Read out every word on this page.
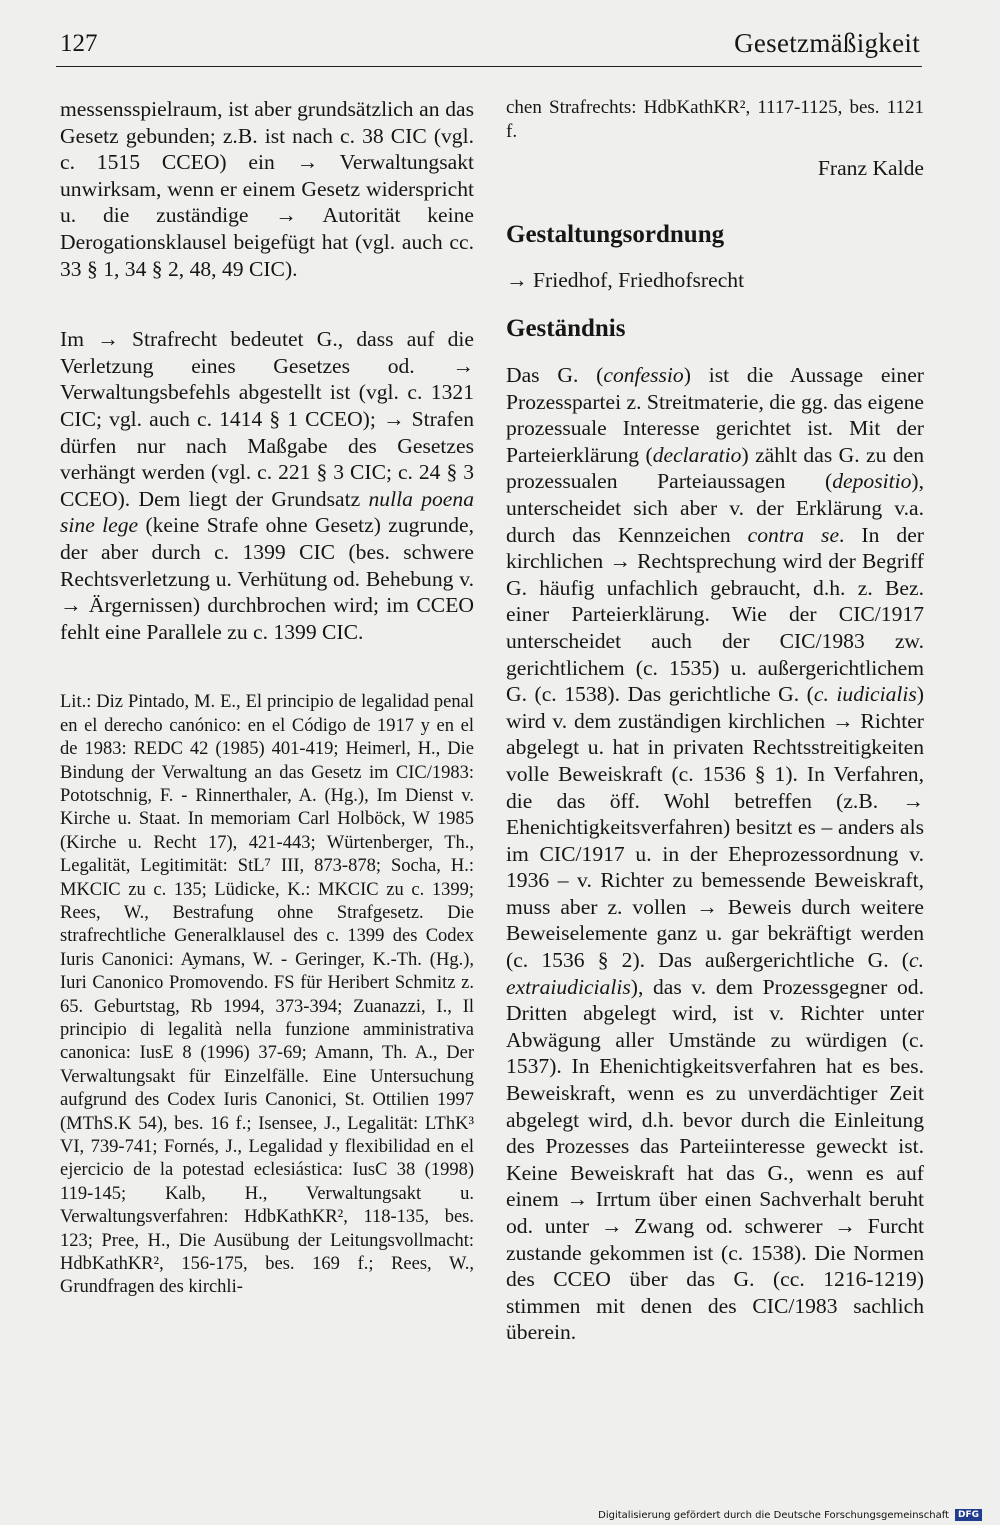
127	Gesetzmäßigkeit

messensspielraum, ist aber grundsätzlich an das Gesetz gebunden; z.B. ist nach c. 38 CIC (vgl. c. 1515 CCEO) ein → Verwaltungsakt unwirksam, wenn er einem Gesetz widerspricht u. die zuständige → Autorität keine Derogationsklausel beigefügt hat (vgl. auch cc. 33 § 1, 34 § 2, 48, 49 CIC).

Im → Strafrecht bedeutet G., dass auf die Verletzung eines Gesetzes od. → Verwaltungsbefehls abgestellt ist (vgl. c. 1321 CIC; vgl. auch c. 1414 § 1 CCEO); → Strafen dürfen nur nach Maßgabe des Gesetzes verhängt werden (vgl. c. 221 § 3 CIC; c. 24 § 3 CCEO). Dem liegt der Grundsatz nulla poena sine lege (keine Strafe ohne Gesetz) zugrunde, der aber durch c. 1399 CIC (bes. schwere Rechtsverletzung u. Verhütung od. Behebung v. → Ärgernissen) durchbrochen wird; im CCEO fehlt eine Parallele zu c. 1399 CIC.

Lit.: Diz Pintado, M. E., El principio de legalidad penal en el derecho canónico: en el Código de 1917 y en el de 1983: REDC 42 (1985) 401-419; Heimerl, H., Die Bindung der Verwaltung an das Gesetz im CIC/1983: Pototschnig, F. - Rinnerthaler, A. (Hg.), Im Dienst v. Kirche u. Staat. In memoriam Carl Holböck, W 1985 (Kirche u. Recht 17), 421-443; Würtenberger, Th., Legalität, Legitimität: StL⁷ III, 873-878; Socha, H.: MKCIC zu c. 135; Lüdicke, K.: MKCIC zu c. 1399; Rees, W., Bestrafung ohne Strafgesetz. Die strafrechtliche Generalklausel des c. 1399 des Codex Iuris Canonici: Aymans, W. - Geringer, K.-Th. (Hg.), Iuri Canonico Promovendo. FS für Heribert Schmitz z. 65. Geburtstag, Rb 1994, 373-394; Zuanazzi, I., Il principio di legalità nella funzione amministrativa canonica: IusE 8 (1996) 37-69; Amann, Th. A., Der Verwaltungsakt für Einzelfälle. Eine Untersuchung aufgrund des Codex Iuris Canonici, St. Ottilien 1997 (MThS.K 54), bes. 16 f.; Isensee, J., Legalität: LThK³ VI, 739-741; Fornés, J., Legalidad y flexibilidad en el ejercicio de la potestad eclesiástica: IusC 38 (1998) 119-145; Kalb, H., Verwaltungsakt u. Verwaltungsverfahren: HdbKathKR², 118-135, bes. 123; Pree, H., Die Ausübung der Leitungsvollmacht: HdbKathKR², 156-175, bes. 169 f.; Rees, W., Grundfragen des kirchli-

chen Strafrechts: HdbKathKR², 1117-1125, bes. 1121 f.

Franz Kalde

Gestaltungsordnung

→ Friedhof, Friedhofsrecht

Geständnis

Das G. (confessio) ist die Aussage einer Prozesspartei z. Streitmaterie, die gg. das eigene prozessuale Interesse gerichtet ist. Mit der Parteierklärung (declaratio) zählt das G. zu den prozessualen Parteiaussagen (depositio), unterscheidet sich aber v. der Erklärung v.a. durch das Kennzeichen contra se. In der kirchlichen → Rechtsprechung wird der Begriff G. häufig unfachlich gebraucht, d.h. z. Bez. einer Parteierklärung. Wie der CIC/1917 unterscheidet auch der CIC/1983 zw. gerichtlichem (c. 1535) u. außergerichtlichem G. (c. 1538). Das gerichtliche G. (c. iudicialis) wird v. dem zuständigen kirchlichen → Richter abgelegt u. hat in privaten Rechtsstreitigkeiten volle Beweiskraft (c. 1536 § 1). In Verfahren, die das öff. Wohl betreffen (z.B. → Ehenichtigkeitsverfahren) besitzt es – anders als im CIC/1917 u. in der Eheprozessordnung v. 1936 – v. Richter zu bemessende Beweiskraft, muss aber z. vollen → Beweis durch weitere Beweiselemente ganz u. gar bekräftigt werden (c. 1536 § 2). Das außergerichtliche G. (c. extraiudicialis), das v. dem Prozessgegner od. Dritten abgelegt wird, ist v. Richter unter Abwägung aller Umstände zu würdigen (c. 1537). In Ehenichtigkeitsverfahren hat es bes. Beweiskraft, wenn es zu unverdächtiger Zeit abgelegt wird, d.h. bevor durch die Einleitung des Prozesses das Parteiinteresse geweckt ist. Keine Beweiskraft hat das G., wenn es auf einem → Irrtum über einen Sachverhalt beruht od. unter → Zwang od. schwerer → Furcht zustande gekommen ist (c. 1538). Die Normen des CCEO über das G. (cc. 1216-1219) stimmen mit denen des CIC/1983 sachlich überein.

Digitalisierung gefördert durch die Deutsche Forschungsgemeinschaft	DFG
